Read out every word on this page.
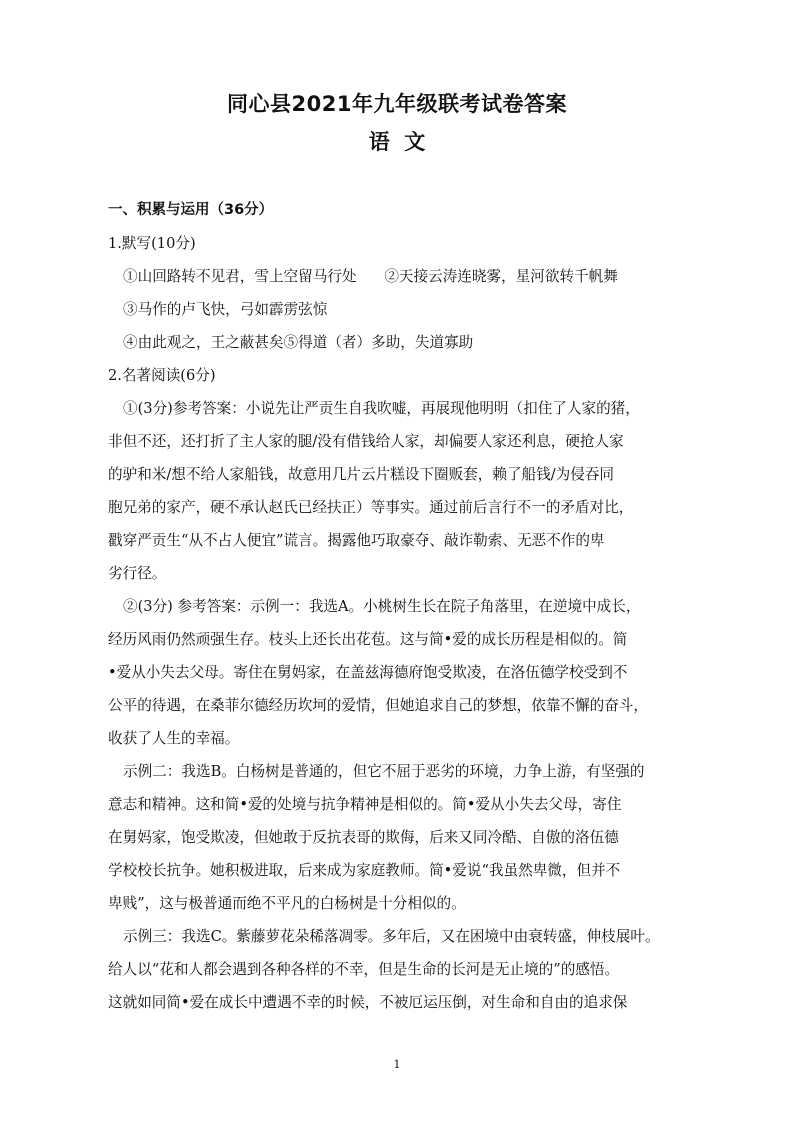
同心县2021年九年级联考试卷答案
语  文
一、积累与运用（36分）
1.默写(10分)
①山回路转不见君，雪上空留马行处      ②天接云涛连晓雾，星河欲转千帆舞
③马作的卢飞快，弓如霹雳弦惊
④由此观之，王之蔽甚矣⑤得道（者）多助，失道寡助
2.名著阅读(6分)
①(3分)参考答案：小说先让严贡生自我吹嘘，再展现他明明（扣住了人家的猪，
非但不还，还打折了主人家的腿/没有借钱给人家，却偏要人家还利息，硬抢人家
的驴和米/想不给人家船钱，故意用几片云片糕设下圈贩套，赖了船钱/为侵吞同
胞兄弟的家产，硬不承认赵氏已经扶正）等事实。通过前后言行不一的矛盾对比，
戳穿严贡生“从不占人便宜”谎言。揭露他巧取豪夺、敲诈勒索、无恶不作的卑
劣行径。
②(3分) 参考答案：示例一：我选A。小桃树生长在院子角落里，在逆境中成长，
经历风雨仍然顽强生存。枝头上还长出花苞。这与简•爱的成长历程是相似的。简
•爱从小失去父母。寄住在舅妈家，在盖兹海德府饱受欺凌，在洛伍德学校受到不
公平的待遇，在桑菲尔德经历坎坷的爱情，但她追求自己的梦想，依靠不懈的奋斗，
收获了人生的幸福。
示例二：我选B。白杨树是普通的，但它不屈于恶劣的环境，力争上游，有坚强的
意志和精神。这和简•爱的处境与抗争精神是相似的。简•爱从小失去父母，寄住
在舅妈家，饱受欺凌，但她敢于反抗表哥的欺侮，后来又同冷酷、自傲的洛伍德
学校校长抗争。她积极进取，后来成为家庭教师。简•爱说“我虽然卑微，但并不
卑贱”，这与极普通而绝不平凡的白杨树是十分相似的。
示例三：我选C。紫藤萝花朵稀落凋零。多年后，又在困境中由衰转盛，伸枝展叶。
给人以“花和人都会遇到各种各样的不幸，但是生命的长河是无止境的”的感悟。
这就如同简•爱在成长中遭遇不幸的时候，不被厄运压倒，对生命和自由的追求保
1
